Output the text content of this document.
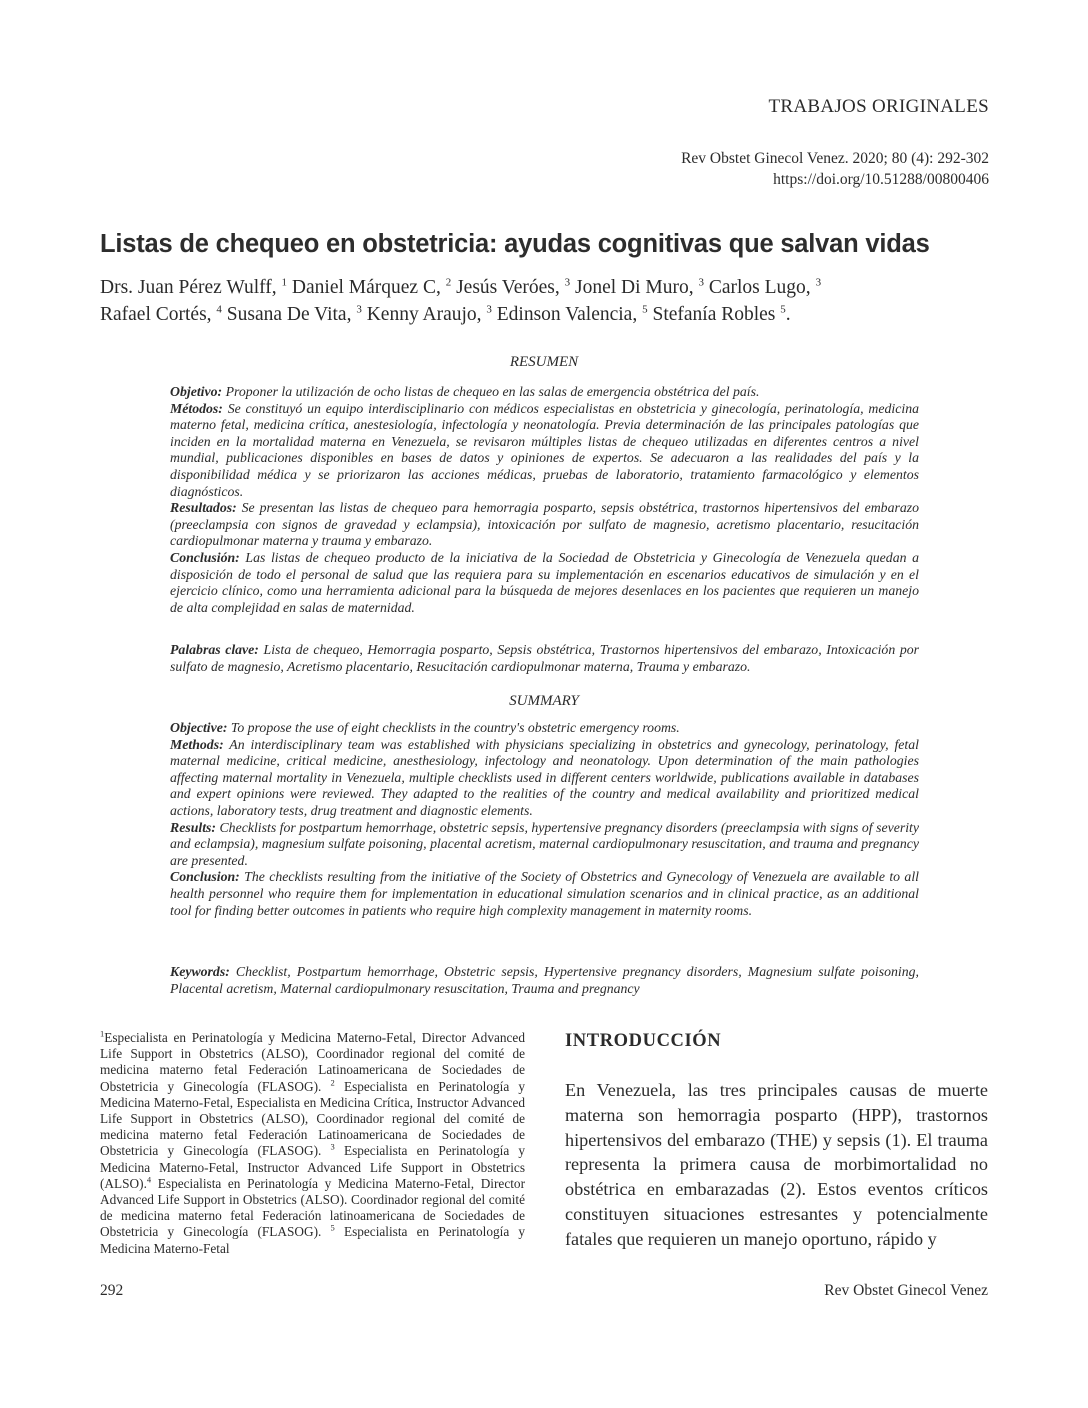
TRABAJOS ORIGINALES
Rev Obstet Ginecol Venez. 2020; 80 (4): 292-302
https://doi.org/10.51288/00800406
Listas de chequeo en obstetricia: ayudas cognitivas que salvan vidas
Drs. Juan Pérez Wulff, $^1$ Daniel Márquez C, $^2$ Jesús Veróes, $^3$ Jonel Di Muro, $^3$ Carlos Lugo, $^3$
Rafael Cortés, $^4$ Susana De Vita, $^3$ Kenny Araujo, $^3$ Edinson Valencia, $^5$ Stefanía Robles $^5$.
RESUMEN

Objetivo: Proponer la utilización de ocho listas de chequeo en las salas de emergencia obstétrica del país.

Métodos: Se constituyó un equipo interdisciplinario con médicos especialistas en obstetricia y ginecología, perinatología, medicina materno fetal, medicina crítica, anestesiología, infectología y neonatología. Previa determinación de las principales patologías que inciden en la mortalidad materna en Venezuela, se revisaron múltiples listas de chequeo utilizadas en diferentes centros a nivel mundial, publicaciones disponibles en bases de datos y opiniones de expertos. Se adecuaron a las realidades del país y la disponibilidad médica y se priorizaron las acciones médicas, pruebas de laboratorio, tratamiento farmacológico y elementos diagnósticos.

Resultados: Se presentan las listas de chequeo para hemorragia posparto, sepsis obstétrica, trastornos hipertensivos del embarazo (preeclampsia con signos de gravedad y eclampsia), intoxicación por sulfato de magnesio, acretismo placentario, resucitación cardiopulmonar materna y trauma y embarazo.

Conclusión: Las listas de chequeo producto de la iniciativa de la Sociedad de Obstetricia y Ginecología de Venezuela quedan a disposición de todo el personal de salud que las requiera para su implementación en escenarios educativos de simulación y en el ejercicio clínico, como una herramienta adicional para la búsqueda de mejores desenlaces en los pacientes que requieren un manejo de alta complejidad en salas de maternidad.

Palabras clave: Lista de chequeo, Hemorragia posparto, Sepsis obstétrica, Trastornos hipertensivos del embarazo, Intoxicación por sulfato de magnesio, Acretismo placentario, Resucitación cardiopulmonar materna, Trauma y embarazo.

SUMMARY

Objective: To propose the use of eight checklists in the country's obstetric emergency rooms.

Methods: An interdisciplinary team was established with physicians specializing in obstetrics and gynecology, perinatology, fetal maternal medicine, critical medicine, anesthesiology, infectology and neonatology. Upon determination of the main pathologies affecting maternal mortality in Venezuela, multiple checklists used in different centers worldwide, publications available in databases and expert opinions were reviewed. They adapted to the realities of the country and medical availability and prioritized medical actions, laboratory tests, drug treatment and diagnostic elements.

Results: Checklists for postpartum hemorrhage, obstetric sepsis, hypertensive pregnancy disorders (preeclampsia with signs of severity and eclampsia), magnesium sulfate poisoning, placental acretism, maternal cardiopulmonary resuscitation, and trauma and pregnancy are presented.

Conclusion: The checklists resulting from the initiative of the Society of Obstetrics and Gynecology of Venezuela are available to all health personnel who require them for implementation in educational simulation scenarios and in clinical practice, as an additional tool for finding better outcomes in patients who require high complexity management in maternity rooms.

Keywords: Checklist, Postpartum hemorrhage, Obstetric sepsis, Hypertensive pregnancy disorders, Magnesium sulfate poisoning, Placental acretism, Maternal cardiopulmonary resuscitation, Trauma and pregnancy

$^1$Especialista en Perinatología y Medicina Materno-Fetal, Director Advanced Life Support in Obstetrics (ALSO), Coordinador regional del comité de medicina materno fetal Federación Latinoamericana de Sociedades de Obstetricia y Ginecología (FLASOG). $^2$ Especialista en Perinatología y Medicina Materno-Fetal, Especialista en Medicina Crítica, Instructor Advanced Life Support in Obstetrics (ALSO), Coordinador regional del comité de medicina materno fetal Federación Latinoamericana de Sociedades de Obstetricia y Ginecología (FLASOG). $^3$ Especialista en Perinatología y Medicina Materno-Fetal, Instructor Advanced Life Support in Obstetrics (ALSO).$^4$ Especialista en Perinatología y Medicina Materno-Fetal, Director Advanced Life Support in Obstetrics (ALSO). Coordinador regional del comité de medicina materno fetal Federación latinoamericana de Sociedades de Obstetricia y Ginecología (FLASOG). $^5$ Especialista en Perinatología y Medicina Materno-Fetal
INTRODUCCIÓN

En Venezuela, las tres principales causas de muerte materna son hemorragia posparto (HPP), trastornos hipertensivos del embarazo (THE) y sepsis (1). El trauma representa la primera causa de morbimortalidad no obstétrica en embarazadas (2). Estos eventos críticos constituyen situaciones estresantes y potencialmente fatales que requieren un manejo oportuno, rápido y

292	Rev Obstet Ginecol Venez
